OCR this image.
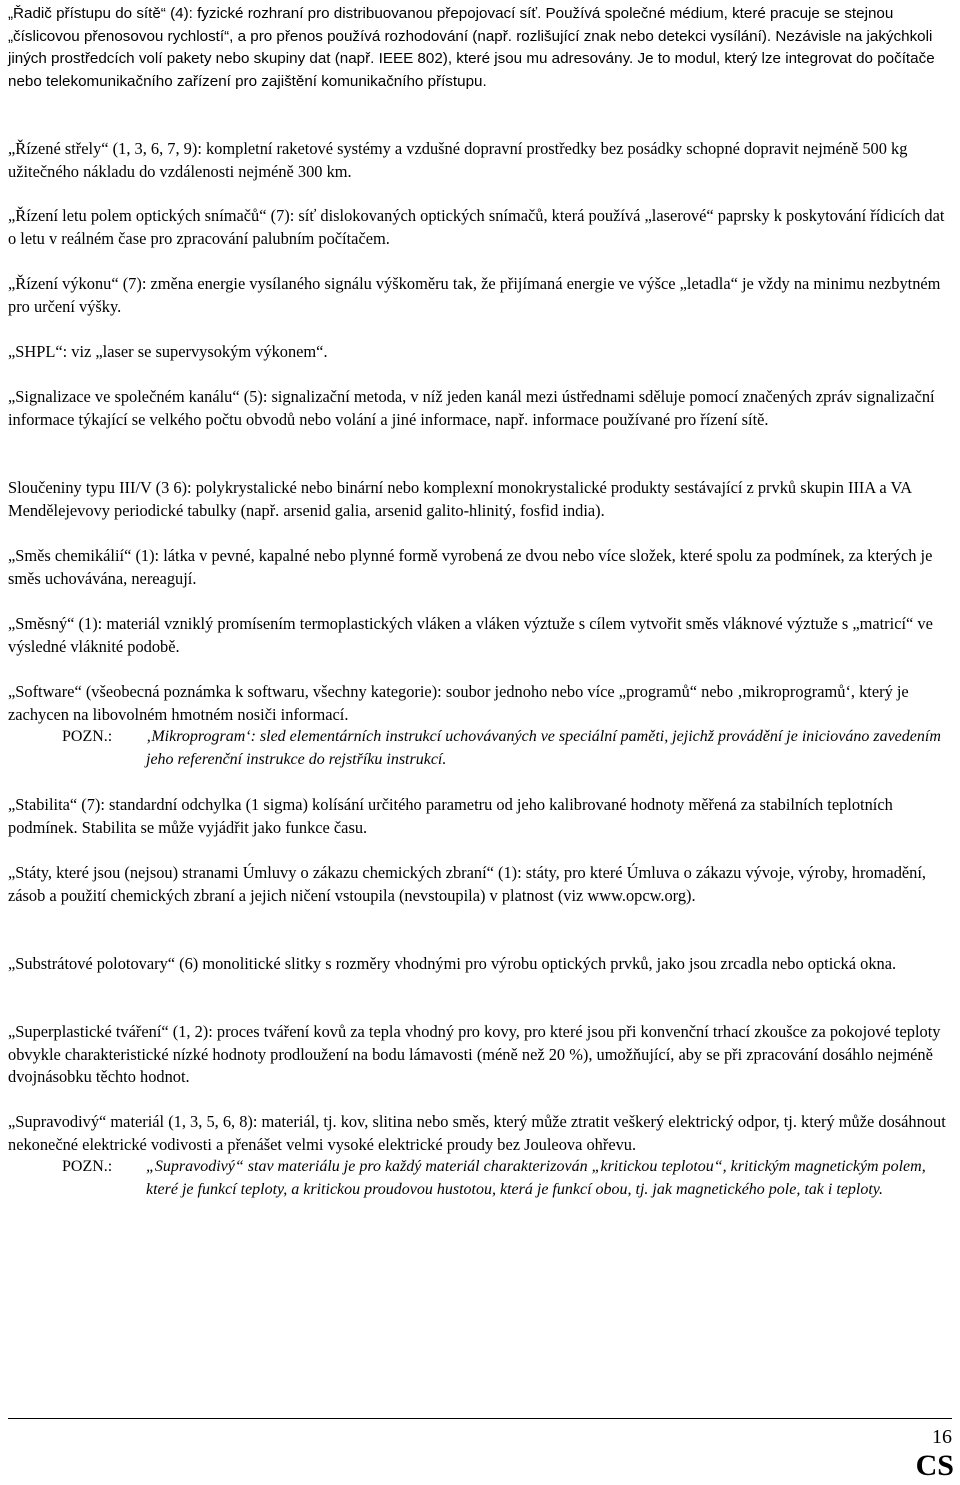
„Řadič přístupu do sítě“ (4): fyzické rozhraní pro distribuovanou přepojovací síť. Používá společné médium, které pracuje se stejnou „číslicovou přenosovou rychlostí“, a pro přenos používá rozhodování (např. rozlišující znak nebo detekci vysílání). Nezávisle na jakýchkoli jiných prostředcích volí pakety nebo skupiny dat (např. IEEE 802), které jsou mu adresovány. Je to modul, který lze integrovat do počítače nebo telekomunikačního zařízení pro zajištění komunikačního přístupu.

„Řízené střely“ (1, 3, 6, 7, 9): kompletní raketové systémy a vzdušné dopravní prostředky bez posádky schopné dopravit nejméně 500 kg užitečného nákladu do vzdálenosti nejméně 300 km.

„Řízení letu polem optických snímačů“ (7): síť dislokovaných optických snímačů, která používá „laserové“ paprsky k poskytování řídicích dat o letu v reálném čase pro zpracování palubním počítačem.

„Řízení výkonu“ (7): změna energie vysílaného signálu výškoměru tak, že přijímaná energie ve výšce „letadla“ je vždy na minimu nezbytném pro určení výšky.

„SHPL“: viz „laser se supervysokým výkonem“.

„Signalizace ve společném kanálu“ (5): signalizační metoda, v níž jeden kanál mezi ústřednami sděluje pomocí značených zpráv signalizační informace týkající se velkého počtu obvodů nebo volání a jiné informace, např. informace používané pro řízení sítě.

Sloučeniny typu III/V (3 6): polykrystalické nebo binární nebo komplexní monokrystalické produkty sestávající z prvků skupin IIIA a VA Mendělejevovy periodické tabulky (např. arsenid galia, arsenid galito-hlinitý, fosfid india).

„Směs chemikálií“ (1): látka v pevné, kapalné nebo plynné formě vyrobená ze dvou nebo více složek, které spolu za podmínek, za kterých je směs uchovávána, nereagují.

„Směsný“ (1): materiál vzniklý promísením termoplastických vláken a vláken výztuže s cílem vytvořit směs vláknové výztuže s „matricí“ ve výsledné vláknité podobě.

„Software“ (všeobecná poznámka k softwaru, všechny kategorie): soubor jednoho nebo více „programů“ nebo ‚mikroprogramů‘, který je zachycen na libovolném hmotném nosiči informací.

POZN.:	‚Mikroprogram‘: sled elementárních instrukcí uchovávaných ve speciální paměti, jejichž provádění je iniciováno zavedením jeho referenční instrukce do rejstříku instrukcí.

„Stabilita“ (7): standardní odchylka (1 sigma) kolísání určitého parametru od jeho kalibrované hodnoty měřená za stabilních teplotních podmínek. Stabilita se může vyjádřit jako funkce času.

„Státy, které jsou (nejsou) stranami Úmluvy o zákazu chemických zbraní“ (1): státy, pro které Úmluva o zákazu vývoje, výroby, hromadění, zásob a použití chemických zbraní a jejich ničení vstoupila (nevstoupila) v platnost (viz www.opcw.org).

„Substrátové polotovary“ (6) monolitické slitky s rozměry vhodnými pro výrobu optických prvků, jako jsou zrcadla nebo optická okna.

„Superplastické tváření“ (1, 2): proces tváření kovů za tepla vhodný pro kovy, pro které jsou při konvenční trhací zkoušce za pokojové teploty obvykle charakteristické nízké hodnoty prodloužení na bodu lámavosti (méně než 20 %), umožňující, aby se při zpracování dosáhlo nejméně dvojnásobku těchto hodnot.

„Supravodivý“ materiál (1, 3, 5, 6, 8): materiál, tj. kov, slitina nebo směs, který může ztratit veškerý elektrický odpor, tj. který může dosáhnout nekonečné elektrické vodivosti a přenášet velmi vysoké elektrické proudy bez Jouleova ohřevu.

POZN.:	„Supravodivý“ stav materiálu je pro každý materiál charakterizován „kritickou teplotou“, kritickým magnetickým polem, které je funkcí teploty, a kritickou proudovou hustotou, která je funkcí obou, tj. jak magnetického pole, tak i teploty.
16
CS
